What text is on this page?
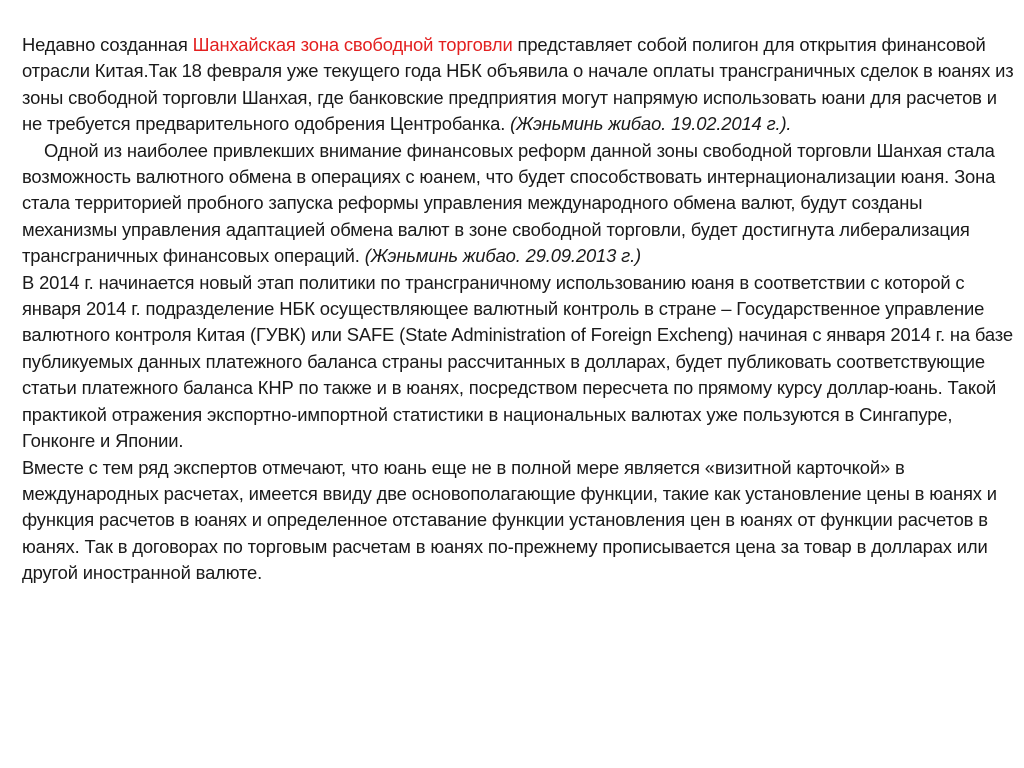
Недавно созданная Шанхайская зона свободной торговли представляет собой полигон для открытия финансовой отрасли Китая.Так 18 февраля уже текущего года НБК объявила о начале оплаты трансграничных сделок в юанях из зоны свободной торговли Шанхая, где банковские предприятия могут напрямую использовать юани для расчетов и не требуется предварительного одобрения Центробанка. (Жэньминь жибао. 19.02.2014 г.).

Одной из наиболее привлекших внимание финансовых реформ данной зоны свободной торговли Шанхая стала возможность валютного обмена в операциях с юанем, что будет способствовать интернационализации юаня. Зона стала территорией пробного запуска реформы управления международного обмена валют, будут созданы механизмы управления адаптацией обмена валют в зоне свободной торговли, будет достигнута либерализация трансграничных финансовых операций. (Жэньминь жибао. 29.09.2013 г.)

В 2014 г. начинается новый этап политики по трансграничному использованию юаня в соответствии с которой с января 2014 г. подразделение НБК осуществляющее валютный контроль в стране – Государственное управление валютного контроля Китая (ГУВК) или SAFE (State Administration of Foreign Excheng) начиная с января 2014 г. на базе публикуемых данных платежного баланса страны рассчитанных в долларах, будет публиковать соответствующие статьи платежного баланса КНР по также и в юанях, посредством пересчета по прямому курсу доллар-юань. Такой практикой отражения экспортно-импортной статистики в национальных валютах уже пользуются в Сингапуре, Гонконге и Японии.

Вместе с тем ряд экспертов отмечают, что юань еще не в полной мере является «визитной карточкой» в международных расчетах, имеется ввиду две основополагающие функции, такие как установление цены в юанях и функция расчетов в юанях и определенное отставание функции установления цен в юанях от функции расчетов в юанях. Так в договорах по торговым расчетам в юанях по-прежнему прописывается цена за товар в долларах или другой иностранной валюте.
